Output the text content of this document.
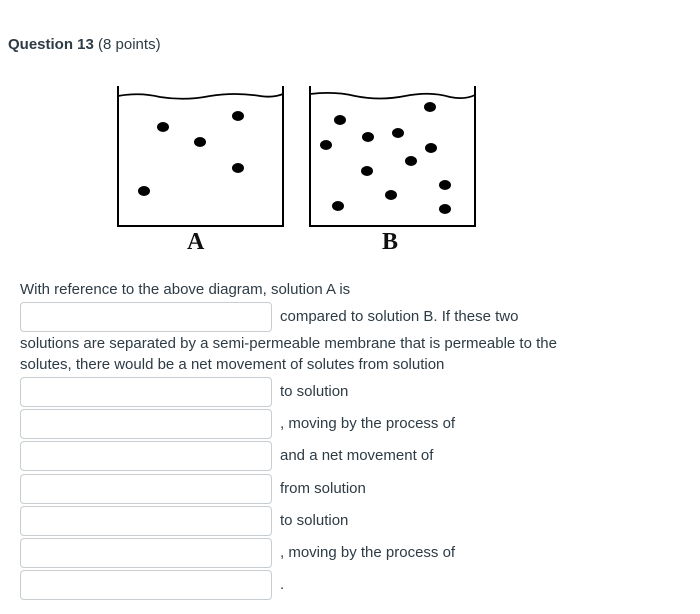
Question 13 (8 points)
A	B
With reference to the above diagram, solution A is
compared to solution B. If these two
solutions are separated by a semi-permeable membrane that is permeable to the
solutes, there would be a net movement of solutes from solution
to solution
, moving by the process of
and a net movement of
from solution
to solution
, moving by the process of
.
